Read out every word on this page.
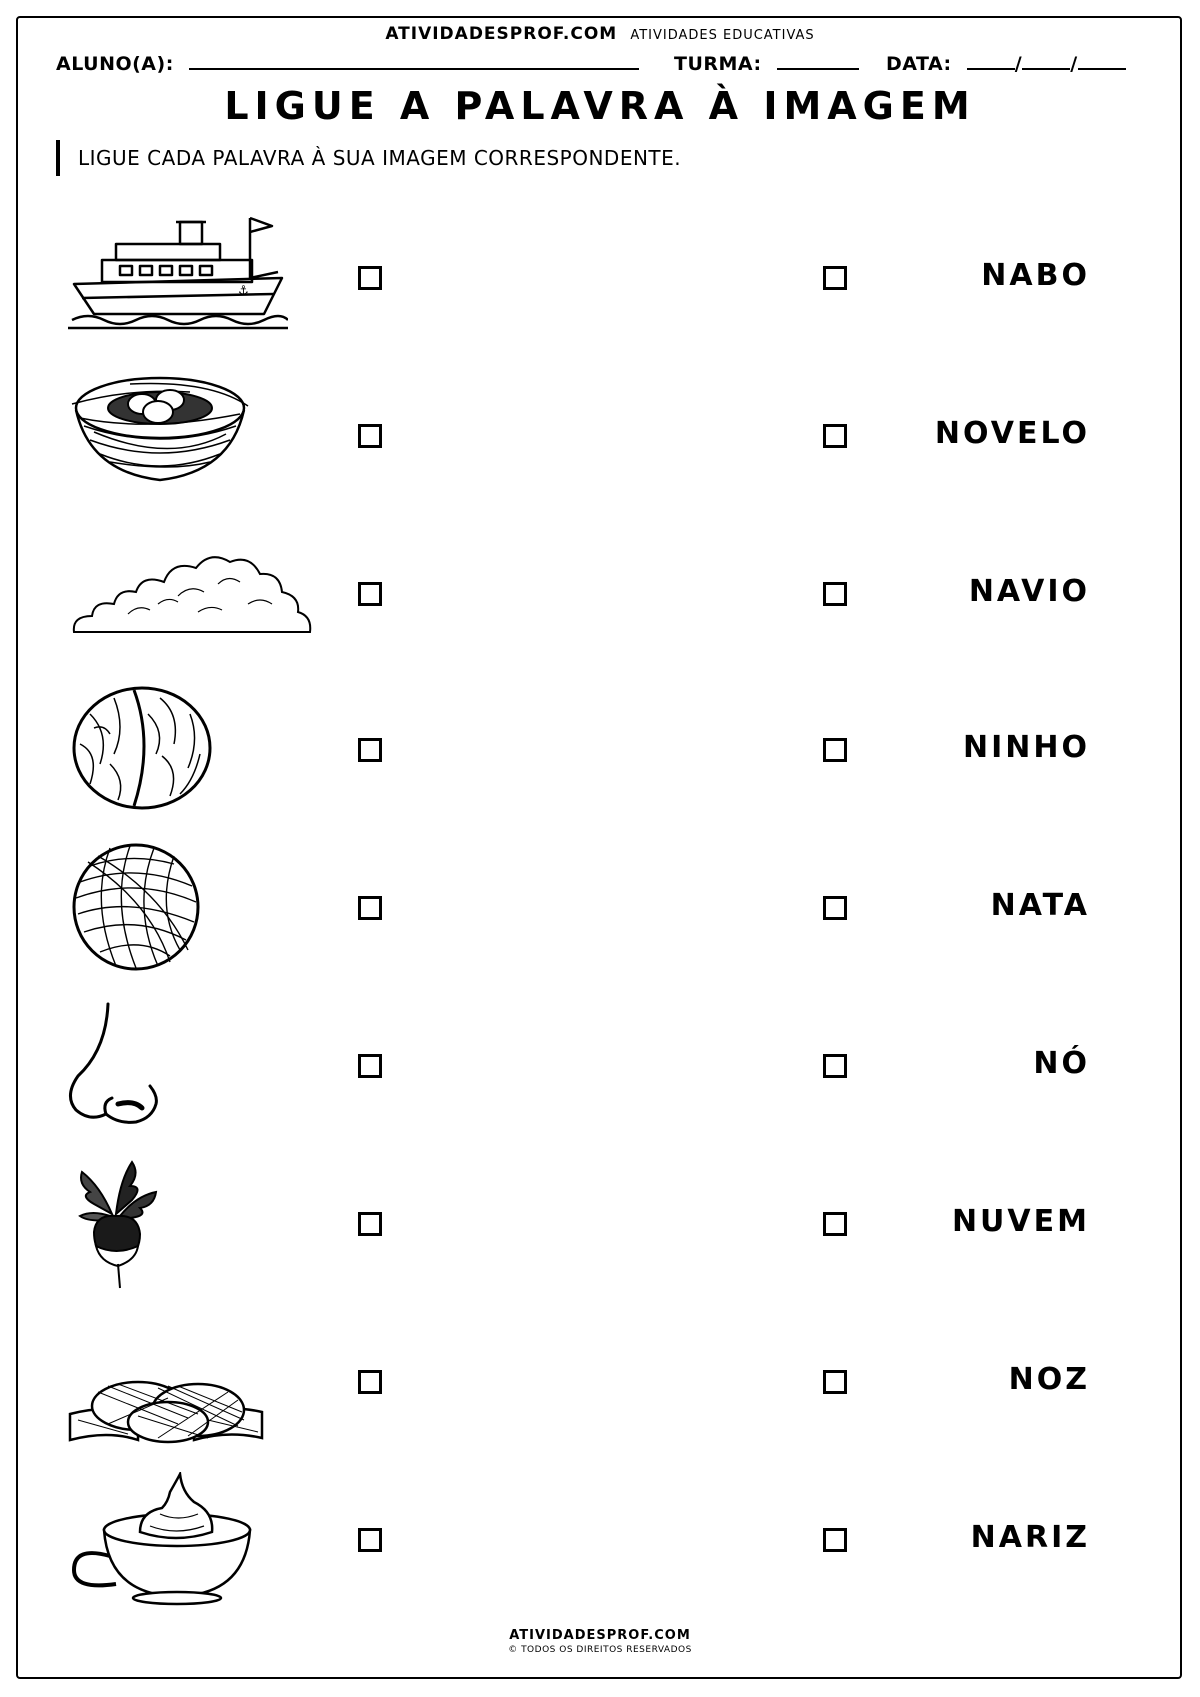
ATIVIDADESPROF.COM ATIVIDADES EDUCATIVAS
ALUNO(A):	TURMA:	DATA:	/	/
LIGUE A PALAVRA À IMAGEM
LIGUE CADA PALAVRA À SUA IMAGEM CORRESPONDENTE.
⚓	NABO
NOVELO
NAVIO
NINHO
NATA
NÓ
NUVEM
NOZ
NARIZ
ATIVIDADESPROF.COM
© TODOS OS DIREITOS RESERVADOS
